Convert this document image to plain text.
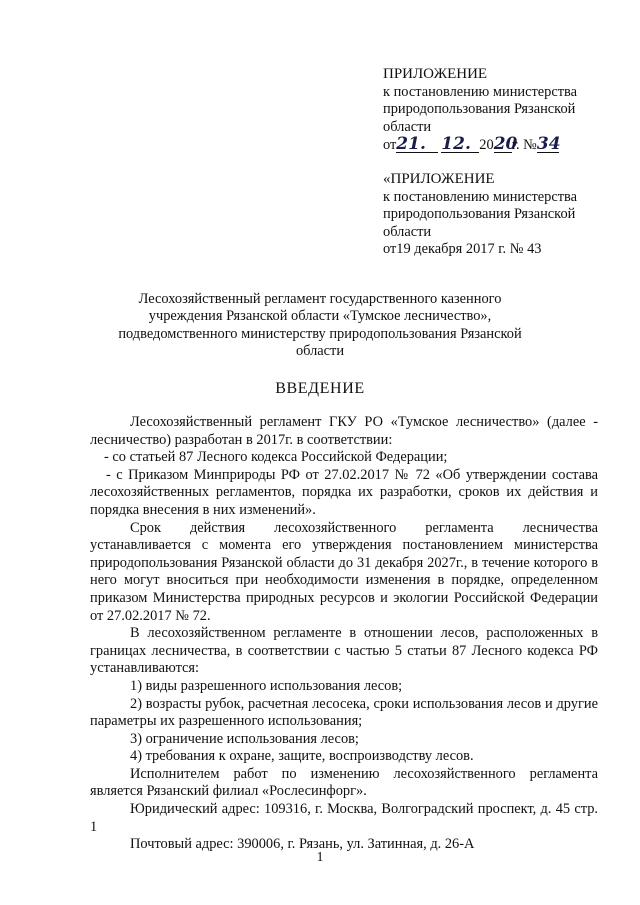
ПРИЛОЖЕНИЕ
к постановлению министерства
природопользования Рязанской
области
от21. 12. 2020г. №34
«ПРИЛОЖЕНИЕ
к постановлению министерства
природопользования Рязанской
области
от19 декабря 2017 г. № 43
Лесохозяйственный регламент государственного казенного учреждения Рязанской области «Тумское лесничество», подведомственного министерству природопользования Рязанской области
ВВЕДЕНИЕ

Лесохозяйственный регламент ГКУ РО «Тумское лесничество» (далее - лесничество) разработан в 2017г. в соответствии:

- со статьей 87 Лесного кодекса Российской Федерации;

- с Приказом Минприроды РФ от 27.02.2017 № 72 «Об утверждении состава лесохозяйственных регламентов, порядка их разработки, сроков их действия и порядка внесения в них изменений».

Срок действия лесохозяйственного регламента лесничества устанавливается с момента его утверждения постановлением министерства природопользования Рязанской области до 31 декабря 2027г., в течение которого в него могут вноситься при необходимости изменения в порядке, определенном приказом Министерства природных ресурсов и экологии Российской Федерации от 27.02.2017 № 72.

В лесохозяйственном регламенте в отношении лесов, расположенных в границах лесничества, в соответствии с частью 5 статьи 87 Лесного кодекса РФ устанавливаются:

1) виды разрешенного использования лесов;

2) возрасты рубок, расчетная лесосека, сроки использования лесов и другие параметры их разрешенного использования;

3) ограничение использования лесов;

4) требования к охране, защите, воспроизводству лесов.

Исполнителем работ по изменению лесохозяйственного регламента является Рязанский филиал «Рослесинфорг».

Юридический адрес: 109316, г. Москва, Волгоградский проспект, д. 45 стр. 1

Почтовый адрес: 390006, г. Рязань, ул. Затинная, д. 26-А

1
